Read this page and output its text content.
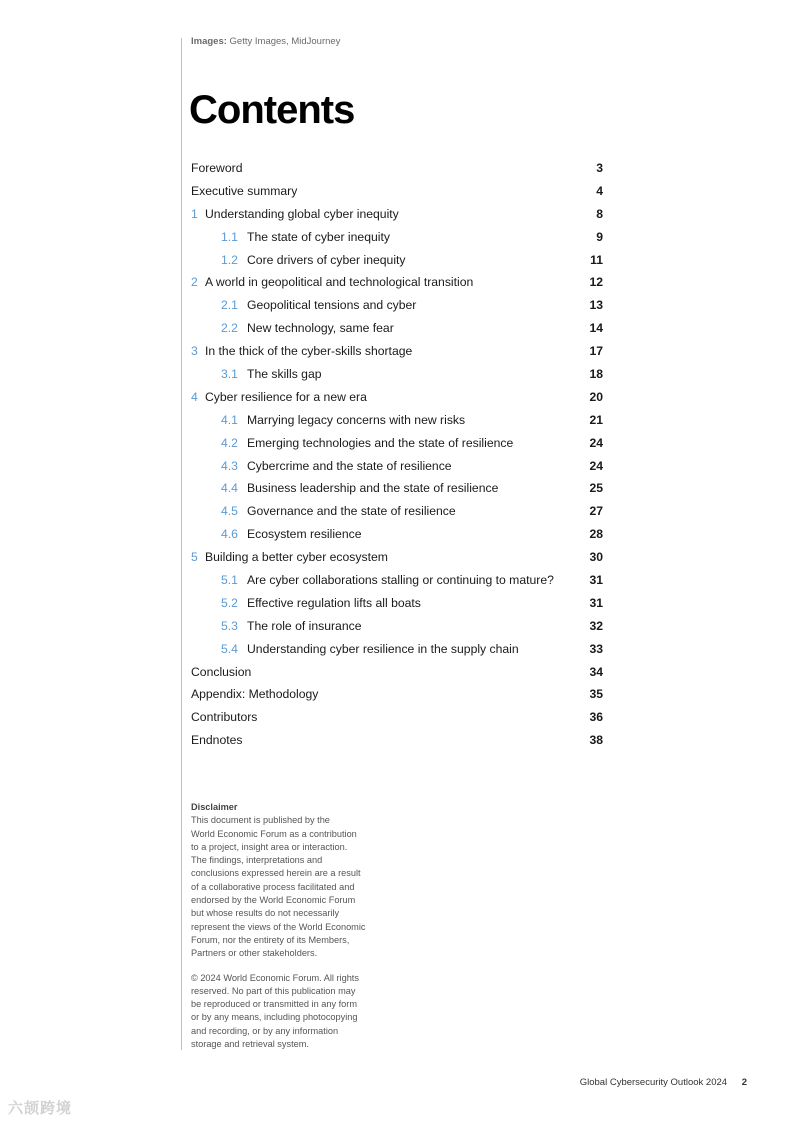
Images: Getty Images, MidJourney
Contents
Foreword	3
Executive summary	4
1 Understanding global cyber inequity	8
1.1 The state of cyber inequity	9
1.2 Core drivers of cyber inequity	11
2 A world in geopolitical and technological transition	12
2.1 Geopolitical tensions and cyber	13
2.2 New technology, same fear	14
3 In the thick of the cyber-skills shortage	17
3.1 The skills gap	18
4 Cyber resilience for a new era	20
4.1 Marrying legacy concerns with new risks	21
4.2 Emerging technologies and the state of resilience	24
4.3 Cybercrime and the state of resilience	24
4.4 Business leadership and the state of resilience	25
4.5 Governance and the state of resilience	27
4.6 Ecosystem resilience	28
5 Building a better cyber ecosystem	30
5.1 Are cyber collaborations stalling or continuing to mature?	31
5.2 Effective regulation lifts all boats	31
5.3 The role of insurance	32
5.4 Understanding cyber resilience in the supply chain	33
Conclusion	34
Appendix: Methodology	35
Contributors	36
Endnotes	38

Disclaimer

This document is published by the
World Economic Forum as a contribution
to a project, insight area or interaction.
The findings, interpretations and
conclusions expressed herein are a result
of a collaborative process facilitated and
endorsed by the World Economic Forum
but whose results do not necessarily
represent the views of the World Economic
Forum, nor the entirety of its Members,
Partners or other stakeholders.
© 2024 World Economic Forum. All rights
reserved. No part of this publication may
be reproduced or transmitted in any form
or by any means, including photocopying
and recording, or by any information
storage and retrieval system.
Global Cybersecurity Outlook 2024 2
六颉跨境
